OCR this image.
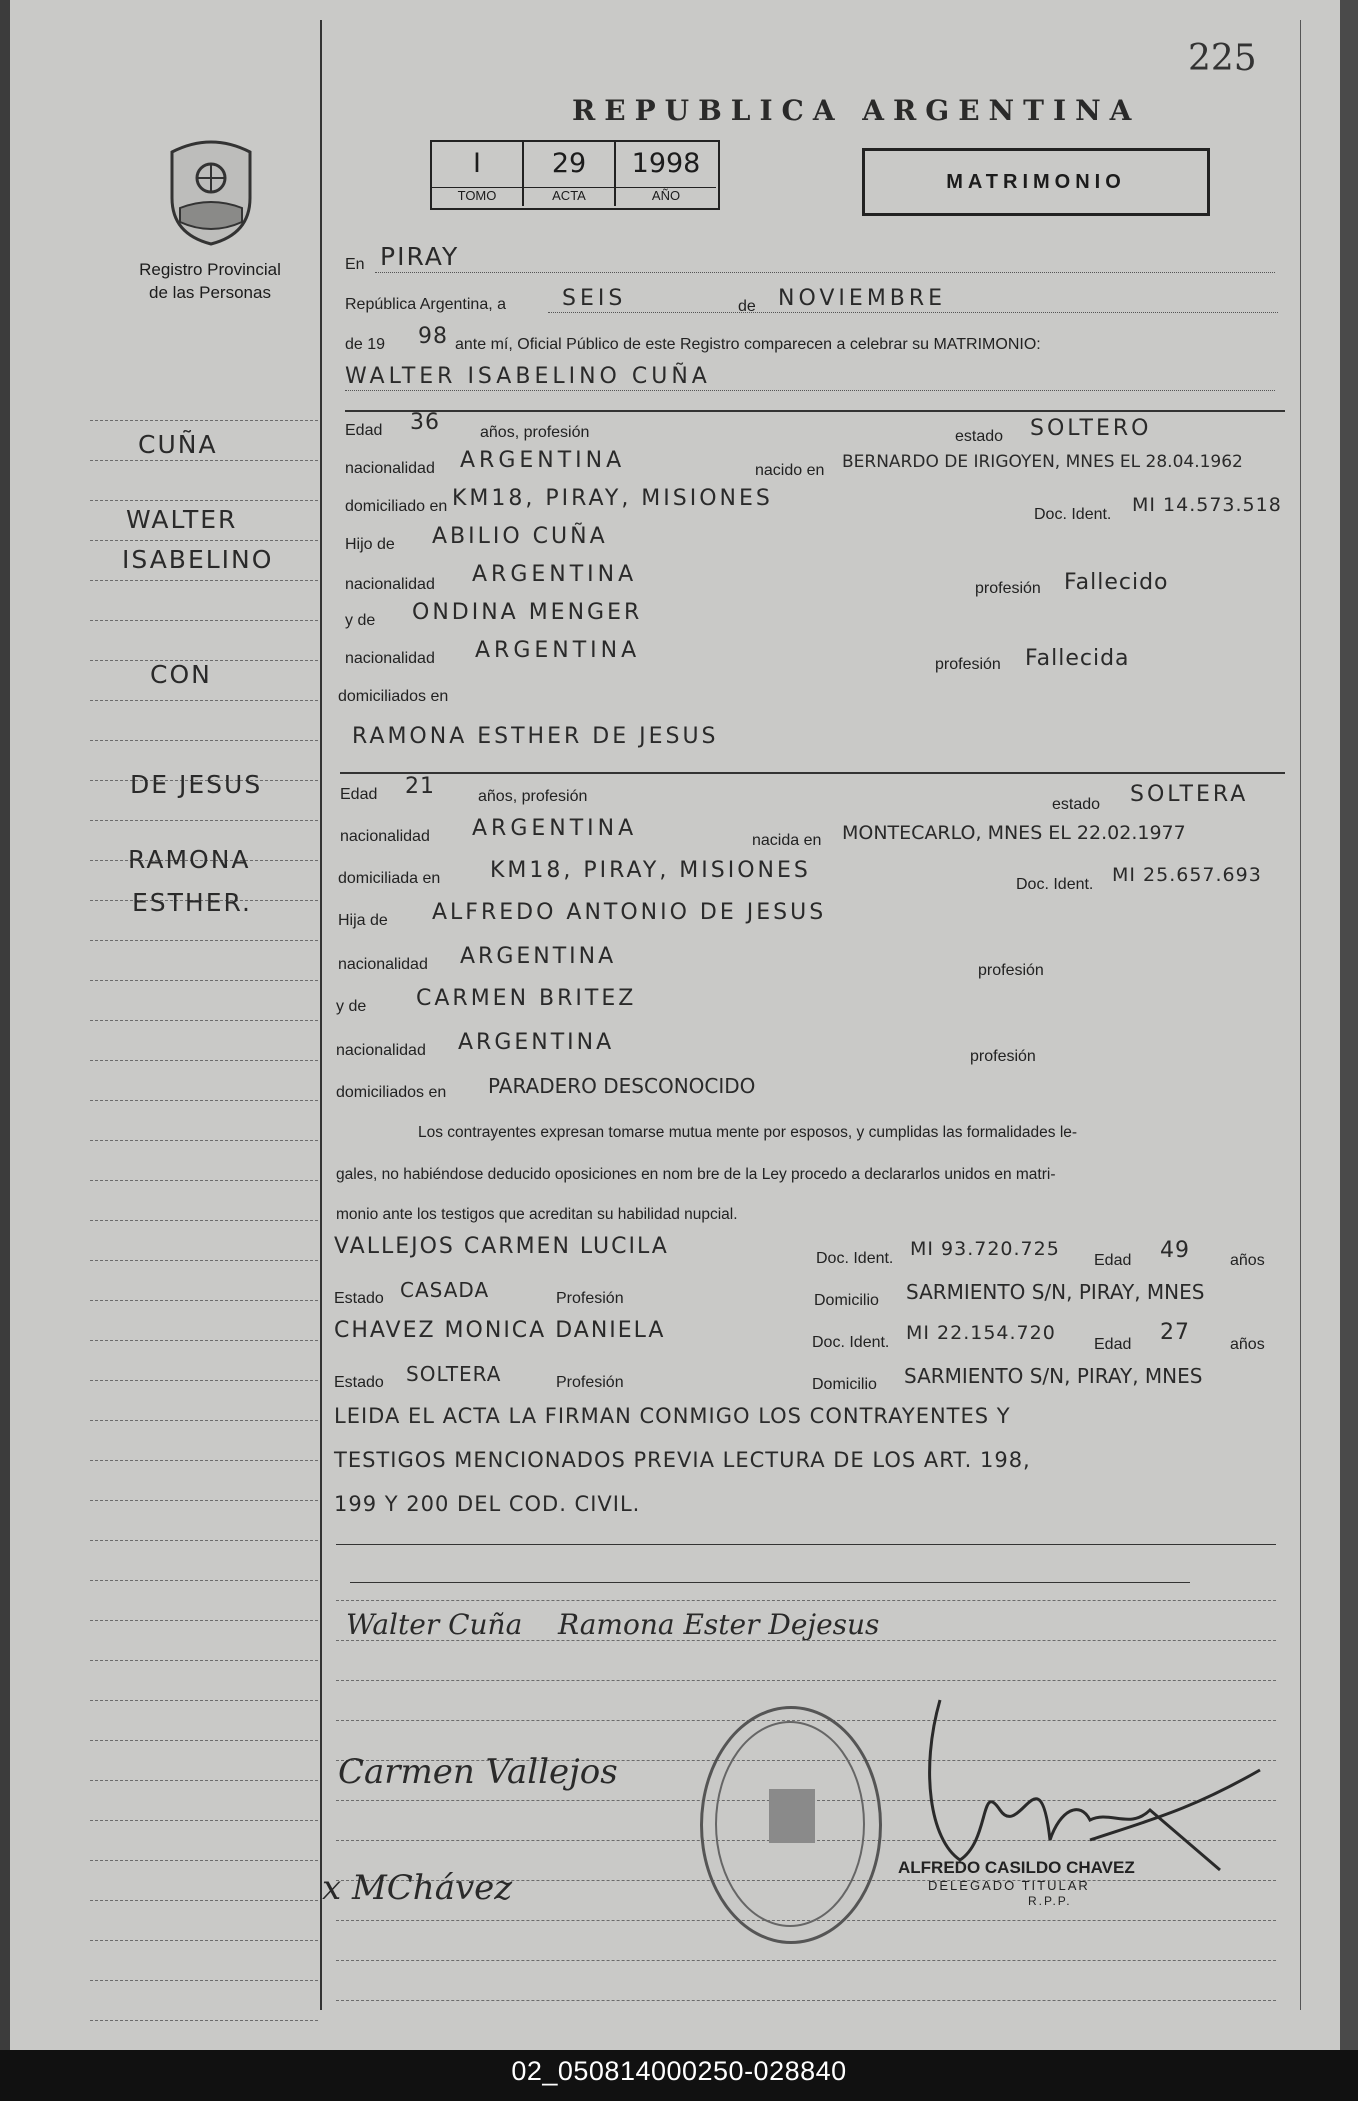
225
REPUBLICA ARGENTINA
I
TOMO
29
ACTA
1998
AÑO
MATRIMONIO
Registro Provincial
de las Personas
CUÑA
WALTER
ISABELINO
CON
DE JESUS
RAMONA
ESTHER.
En PIRAY
República Argentina, a	SEIS	de NOVIEMBRE
de 19 98 ante mí, Oficial Público de este Registro comparecen a celebrar su MATRIMONIO:
WALTER ISABELINO CUÑA
Edad 36	años, profesión	estado SOLTERO
nacionalidad ARGENTINA	nacido en BERNARDO DE IRIGOYEN, MNES EL 28.04.1962
domiciliado en KM18, PIRAY, MISIONES
Doc. Ident. MI 14.573.518
Hijo de ABILIO CUÑA
nacionalidad ARGENTINA
profesión Fallecido
y de ONDINA MENGER
nacionalidad ARGENTINA
profesión Fallecida
domiciliados en
RAMONA ESTHER DE JESUS
Edad 21	años, profesión	estado SOLTERA
nacionalidad ARGENTINA	nacida en MONTECARLO, MNES EL 22.02.1977
domiciliada en KM18, PIRAY, MISIONES
Doc. Ident. MI 25.657.693
Hija de ALFREDO ANTONIO DE JESUS
nacionalidad ARGENTINA
profesión
y de CARMEN BRITEZ
nacionalidad ARGENTINA
profesión
domiciliados en PARADERO DESCONOCIDO
Los contrayentes expresan tomarse mutua mente por esposos, y cumplidas las formalidades le-
gales, no habiéndose deducido oposiciones en nom bre de la Ley procedo a declararlos unidos en matri-
monio ante los testigos que acreditan su habilidad nupcial.
VALLEJOS CARMEN LUCILA	Doc. Ident. MI 93.720.725
Edad 49	años
Estado CASADA	Profesión	Domicilio SARMIENTO S/N, PIRAY, MNES
CHAVEZ MONICA DANIELA	Doc. Ident. MI 22.154.720
Edad 27	años
Estado SOLTERA	Profesión	Domicilio SARMIENTO S/N, PIRAY, MNES
LEIDA EL ACTA LA FIRMAN CONMIGO LOS CONTRAYENTES Y
TESTIGOS MENCIONADOS PREVIA LECTURA DE LOS ART. 198,
199 Y 200 DEL COD. CIVIL.
Walter Cuña Ramona Ester Dejesus
Carmen Vallejos
x MChávez
ALFREDO CASILDO CHAVEZ
DELEGADO TITULAR
R.P.P.
02_050814000250-028840
